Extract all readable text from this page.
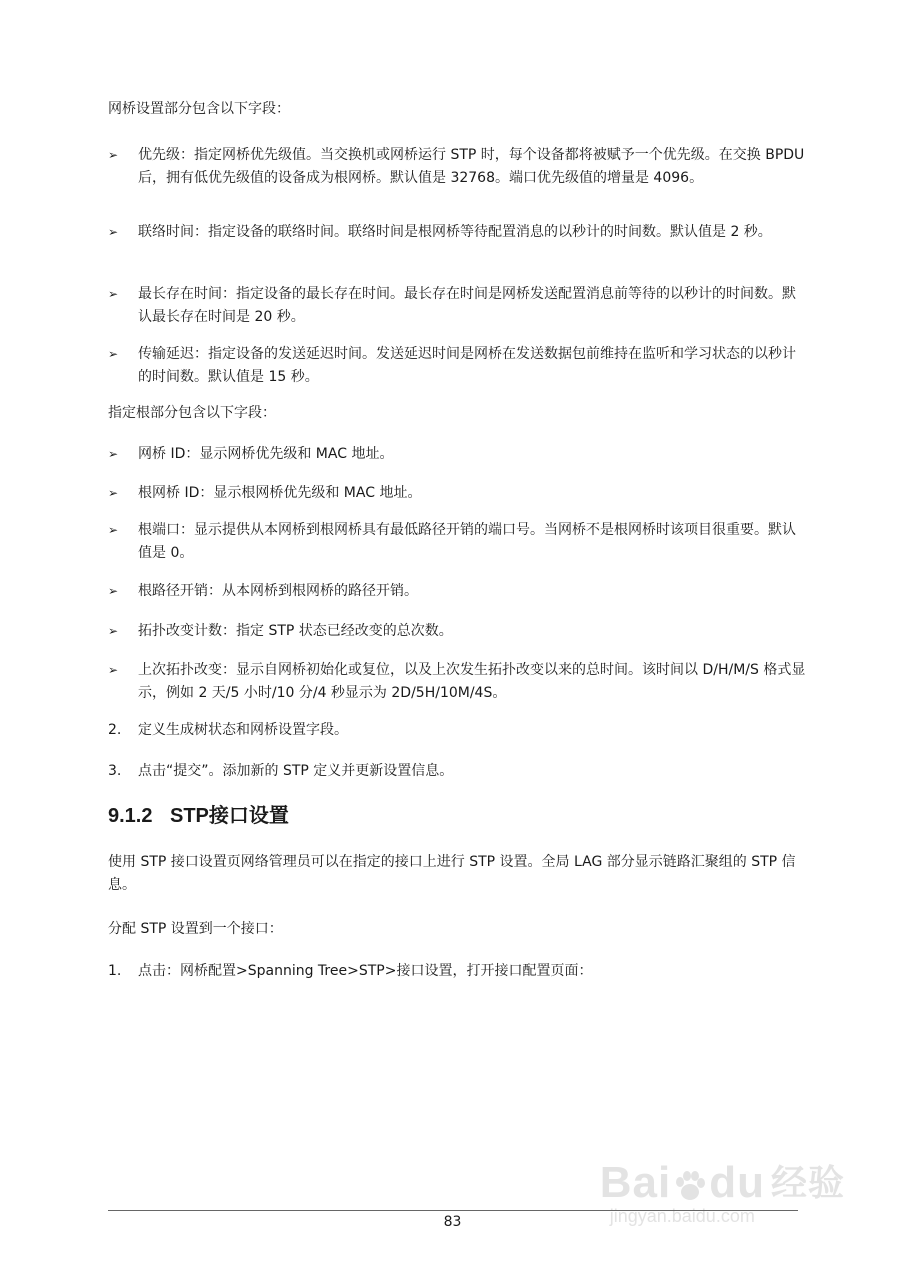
网桥设置部分包含以下字段：

➢	优先级：指定网桥优先级值。当交换机或网桥运行 STP 时，每个设备都将被赋予一个优先级。在交换 BPDU 后，拥有低优先级值的设备成为根网桥。默认值是 32768。端口优先级值的增量是 4096。
➢	联络时间：指定设备的联络时间。联络时间是根网桥等待配置消息的以秒计的时间数。默认值是 2 秒。
➢	最长存在时间：指定设备的最长存在时间。最长存在时间是网桥发送配置消息前等待的以秒计的时间数。默认最长存在时间是 20 秒。
➢	传输延迟：指定设备的发送延迟时间。发送延迟时间是网桥在发送数据包前维持在监听和学习状态的以秒计的时间数。默认值是 15 秒。

指定根部分包含以下字段：

➢	网桥 ID：显示网桥优先级和 MAC 地址。
➢	根网桥 ID：显示根网桥优先级和 MAC 地址。
➢	根端口：显示提供从本网桥到根网桥具有最低路径开销的端口号。当网桥不是根网桥时该项目很重要。默认值是 0。
➢	根路径开销：从本网桥到根网桥的路径开销。
➢	拓扑改变计数：指定 STP 状态已经改变的总次数。
➢	上次拓扑改变：显示自网桥初始化或复位，以及上次发生拓扑改变以来的总时间。该时间以 D/H/M/S 格式显示，例如 2 天/5 小时/10 分/4 秒显示为 2D/5H/10M/4S。
2.	定义生成树状态和网桥设置字段。
3.	点击“提交”。添加新的 STP 定义并更新设置信息。
9.1.2 STP接口设置

使用 STP 接口设置页网络管理员可以在指定的接口上进行 STP 设置。全局 LAG 部分显示链路汇聚组的 STP 信息。

分配 STP 设置到一个接口：

1.	点击：网桥配置>Spanning Tree>STP>接口设置，打开接口配置页面：
Bai du 经验
jingyan.baidu.com
83
